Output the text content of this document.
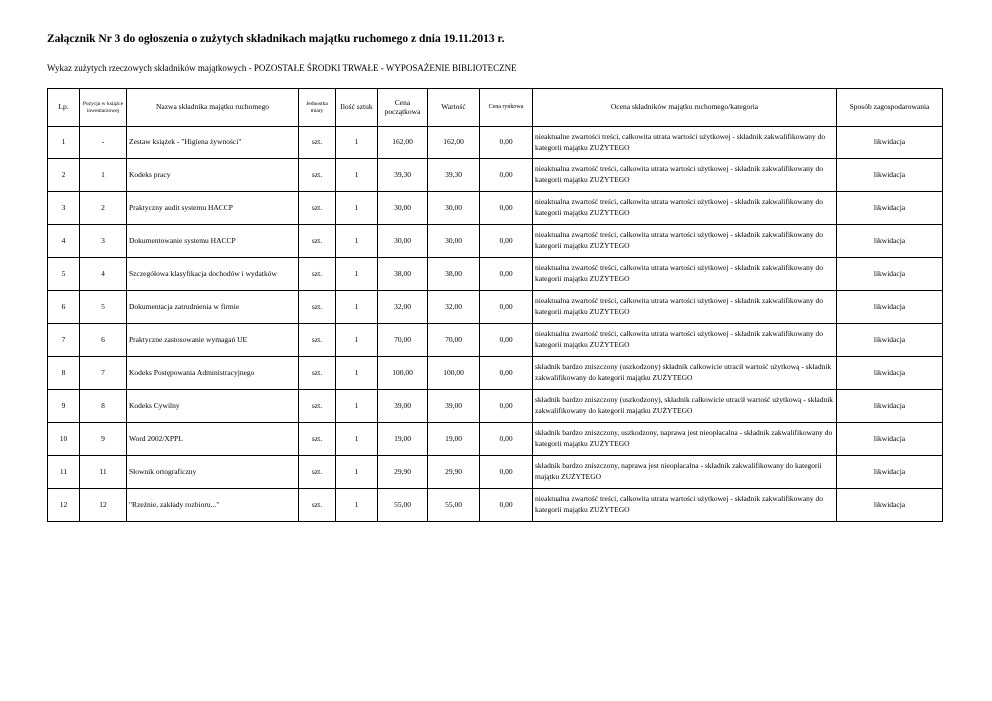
Załącznik Nr 3 do ogłoszenia o zużytych składnikach majątku ruchomego z dnia 19.11.2013 r.
Wykaz zużytych rzeczowych składników majątkowych - POZOSTAŁE ŚRODKI TRWAŁE - WYPOSAŻENIE BIBLIOTECZNE
Lp.	Pozycja w książce inwentarzowej	Nazwa składnika majątku ruchomego	Jednostka miary	Ilość sztuk	Cena początkowa	Wartość	Cena rynkowa	Ocena składników majątku ruchomego/kategoria	Sposób zagospodarowania
1	-	Zestaw książek - "Higiena żywności"	szt.	1	162,00	162,00	0,00	nieaktualne zwartości treści, całkowita utrata wartości użytkowej - składnik zakwalifikowany do kategorii majątku ZUŻYTEGO	likwidacja
2	1	Kodeks pracy	szt.	1	39,30	39,30	0,00	nieaktualna zwartość treści, całkowita utrata wartości użytkowej - składnik zakwalifikowany do kategorii majątku ZUŻYTEGO	likwidacja
3	2	Praktyczny audit systemu HACCP	szt.	1	30,00	30,00	0,00	nieaktualna zwartość treści, całkowita utrata wartości użytkowej - składnik zakwalifikowany do kategorii majątku ZUŻYTEGO	likwidacja
4	3	Dokumentowanie systemu HACCP	szt.	1	30,00	30,00	0,00	nieaktualna zwartość treści, całkowita utrata wartości użytkowej - składnik zakwalifikowany do kategorii majątku ZUŻYTEGO	likwidacja
5	4	Szczegółowa klasyfikacja dochodów i wydatków	szt.	1	38,00	38,00	0,00	nieaktualna zwartość treści, całkowita utrata wartości użytkowej - składnik zakwalifikowany do kategorii majątku ZUŻYTEGO	likwidacja
6	5	Dokumentacja zatrudnienia w firmie	szt.	1	32,00	32,00	0,00	nieaktualna zwartość treści, całkowita utrata wartości użytkowej - składnik zakwalifikowany do kategorii majątku ZUŻYTEGO	likwidacja
7	6	Praktyczne zastosowanie wymagań UE	szt.	1	70,00	70,00	0,00	nieaktualna zwartość treści, całkowita utrata wartości użytkowej - składnik zakwalifikowany do kategorii majątku ZUŻYTEGO	likwidacja
8	7	Kodeks Postępowania Administracyjnego	szt.	1	100,00	100,00	0,00	składnik bardzo zniszczony (uszkodzony) składnik całkowicie utracił wartość użytkową - składnik zakwalifikowany do kategorii majątku ZUŻYTEGO	likwidacja
9	8	Kodeks Cywilny	szt.	1	39,00	39,00	0,00	składnik bardzo zniszczony (uszkodzony), składnik całkowicie utracił wartość użytkową - składnik zakwalifikowany do kategorii majątku ZUŻYTEGO	likwidacja
10	9	Word 2002/XPPL	szt.	1	19,00	19,00	0,00	składnik bardzo zniszczony, uszkodzony, naprawa jest nieopłacalna - składnik zakwalifikowany do kategorii majątku ZUŻYTEGO	likwidacja
11	11	Słownik ortograficzny	szt.	1	29,90	29,90	0,00	składnik bardzo zniszczony, naprawa jest nieopłacalna - składnik zakwalifikowany do kategorii majątku ZUŻYTEGO	likwidacja
12	12	"Rzeźnie, zakłady rozbioru..."	szt.	1	55,00	55,00	0,00	nieaktualna zwartość treści, całkowita utrata wartości użytkowej - składnik zakwalifikowany do kategorii majątku ZUŻYTEGO	likwidacja
